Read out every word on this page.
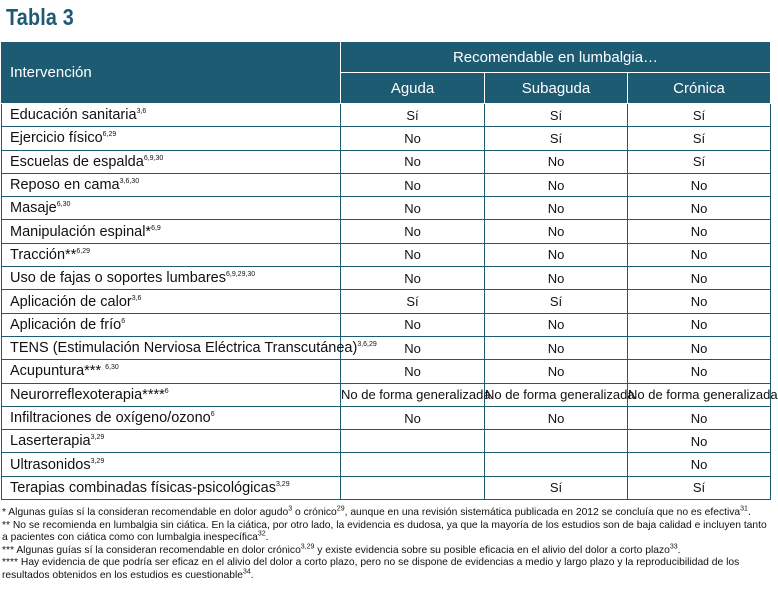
Tabla 3
Intervención	Recomendable en lumbalgia…		
	Aguda	Subaguda	Crónica
Educación sanitaria$^{3,6}$	Sí	Sí	Sí
Ejercicio físico$^{6,29}$	No	Sí	Sí
Escuelas de espalda$^{6,9,30}$	No	No	Sí
Reposo en cama$^{3,6,30}$	No	No	No
Masaje$^{6,30}$	No	No	No
Manipulación espinal*$^{6,9}$	No	No	No
Tracción**$^{6,29}$	No	No	No
Uso de fajas o soportes lumbares$^{6,9,29,30}$	No	No	No
Aplicación de calor$^{3,6}$	Sí	Sí	No
Aplicación de frío$^6$	No	No	No
TENS (Estimulación Nerviosa Eléctrica Transcutánea)$^{3,6,29}$	No	No	No
Acupuntura*** $^{6,30}$	No	No	No
Neurorreflexoterapia****$^6$	No de forma generalizada	No de forma generalizada	No de forma generalizada
Infiltraciones de oxígeno/ozono$^6$	No	No	No
Laserterapia$^{3,29}$			No
Ultrasonidos$^{3,29}$			No
Terapias combinadas físicas-psicológicas$^{3,29}$		Sí	Sí

* Algunas guías sí la consideran recomendable en dolor agudo$^3$ o crónico$^{29}$, aunque en una revisión sistemática publicada en 2012 se concluía que no es efectiva$^{31}$.

** No se recomienda en lumbalgia sin ciática. En la ciática, por otro lado, la evidencia es dudosa, ya que la mayoría de los estudios son de baja calidad e incluyen tanto a pacientes con ciática como con lumbalgia inespecífica$^{32}$.

*** Algunas guías sí la consideran recomendable en dolor crónico$^{3,29}$ y existe evidencia sobre su posible eficacia en el alivio del dolor a corto plazo$^{33}$.

**** Hay evidencia de que podría ser eficaz en el alivio del dolor a corto plazo, pero no se dispone de evidencias a medio y largo plazo y la reproducibilidad de los resultados obtenidos en los estudios es cuestionable$^{34}$.
